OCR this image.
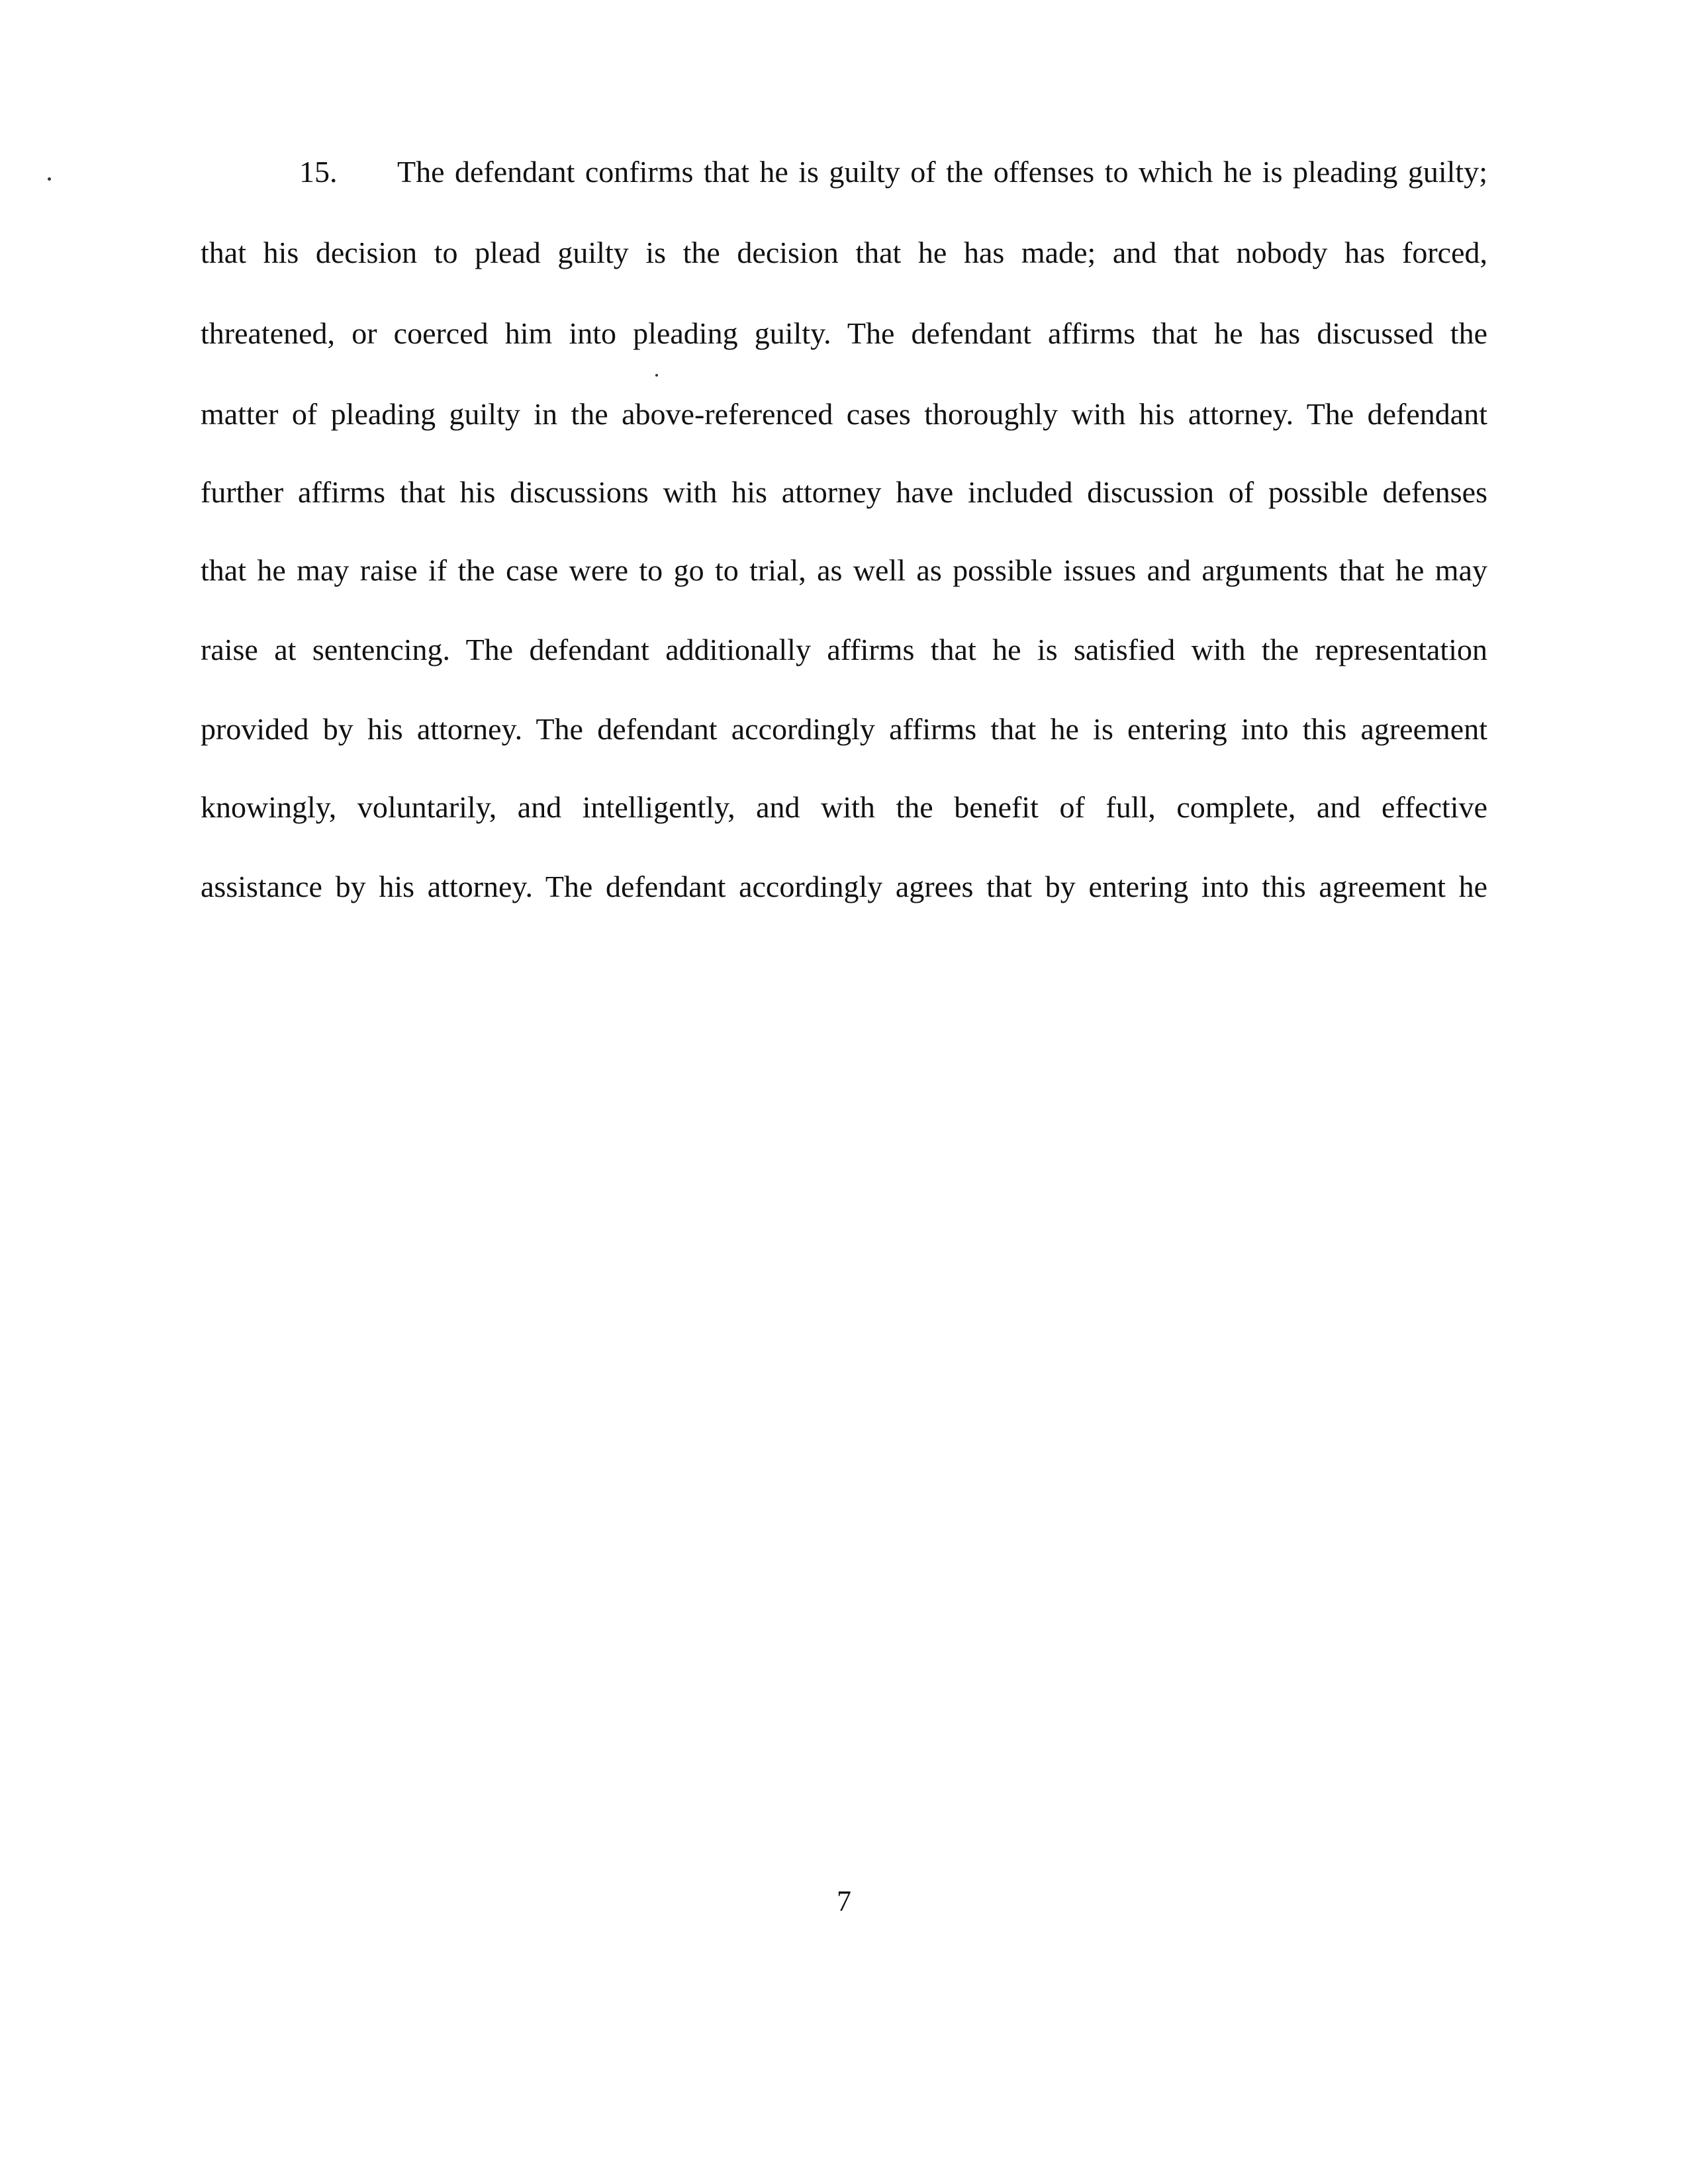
15. The defendant confirms that he is guilty of the offenses to which he is pleading guilty;
that his decision to plead guilty is the decision that he has made; and that nobody has forced,
threatened, or coerced him into pleading guilty. The defendant affirms that he has discussed the
matter of pleading guilty in the above-referenced cases thoroughly with his attorney. The defendant
further affirms that his discussions with his attorney have included discussion of possible defenses
that he may raise if the case were to go to trial, as well as possible issues and arguments that he may
raise at sentencing. The defendant additionally affirms that he is satisfied with the representation
provided by his attorney. The defendant accordingly affirms that he is entering into this agreement
knowingly, voluntarily, and intelligently, and with the benefit of full, complete, and effective
assistance by his attorney. The defendant accordingly agrees that by entering into this agreement he
7
